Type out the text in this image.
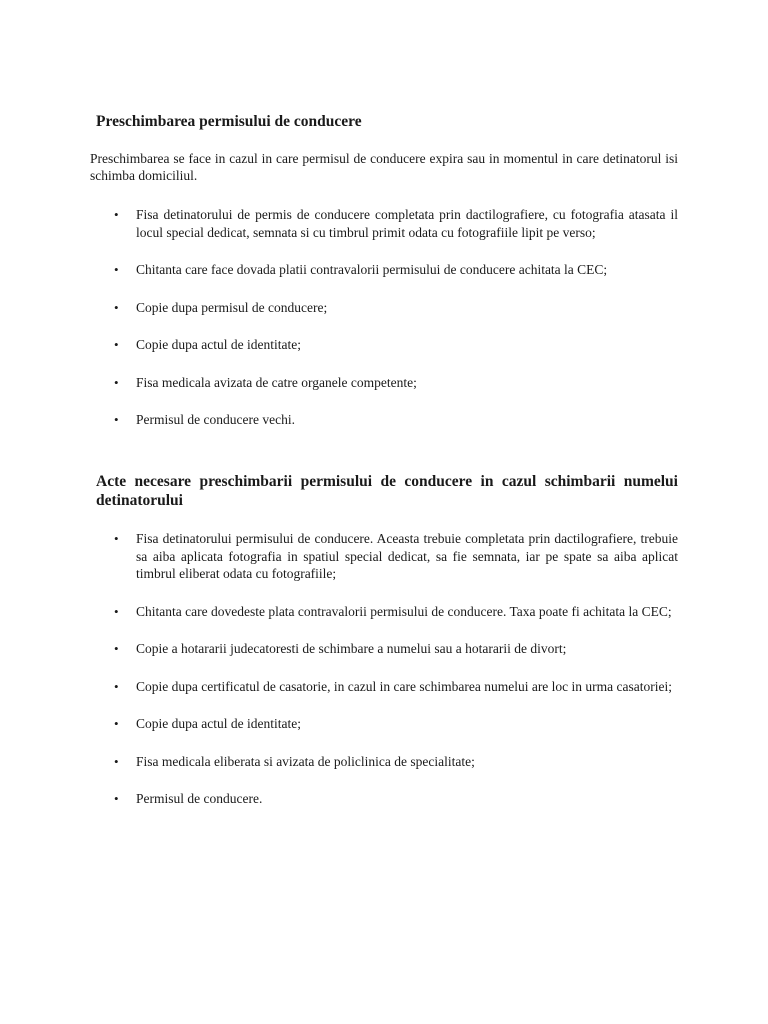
Preschimbarea permisului de conducere

Preschimbarea se face in cazul in care permisul de conducere expira sau in momentul in care detinatorul isi schimba domiciliul.

• Fisa detinatorului de permis de conducere completata prin dactilografiere, cu fotografia atasata il locul special dedicat, semnata si cu timbrul primit odata cu fotografiile lipit pe verso;
• Chitanta care face dovada platii contravalorii permisului de conducere achitata la CEC;
• Copie dupa permisul de conducere;
• Copie dupa actul de identitate;
• Fisa medicala avizata de catre organele competente;
• Permisul de conducere vechi.

Acte necesare preschimbarii permisului de conducere in cazul schimbarii numelui detinatorului

• Fisa detinatorului permisului de conducere. Aceasta trebuie completata prin dactilografiere, trebuie sa aiba aplicata fotografia in spatiul special dedicat, sa fie semnata, iar pe spate sa aiba aplicat timbrul eliberat odata cu fotografiile;
• Chitanta care dovedeste plata contravalorii permisului de conducere. Taxa poate fi achitata la CEC;
• Copie a hotararii judecatoresti de schimbare a numelui sau a hotararii de divort;
• Copie dupa certificatul de casatorie, in cazul in care schimbarea numelui are loc in urma casatoriei;
• Copie dupa actul de identitate;
• Fisa medicala eliberata si avizata de policlinica de specialitate;
• Permisul de conducere.
